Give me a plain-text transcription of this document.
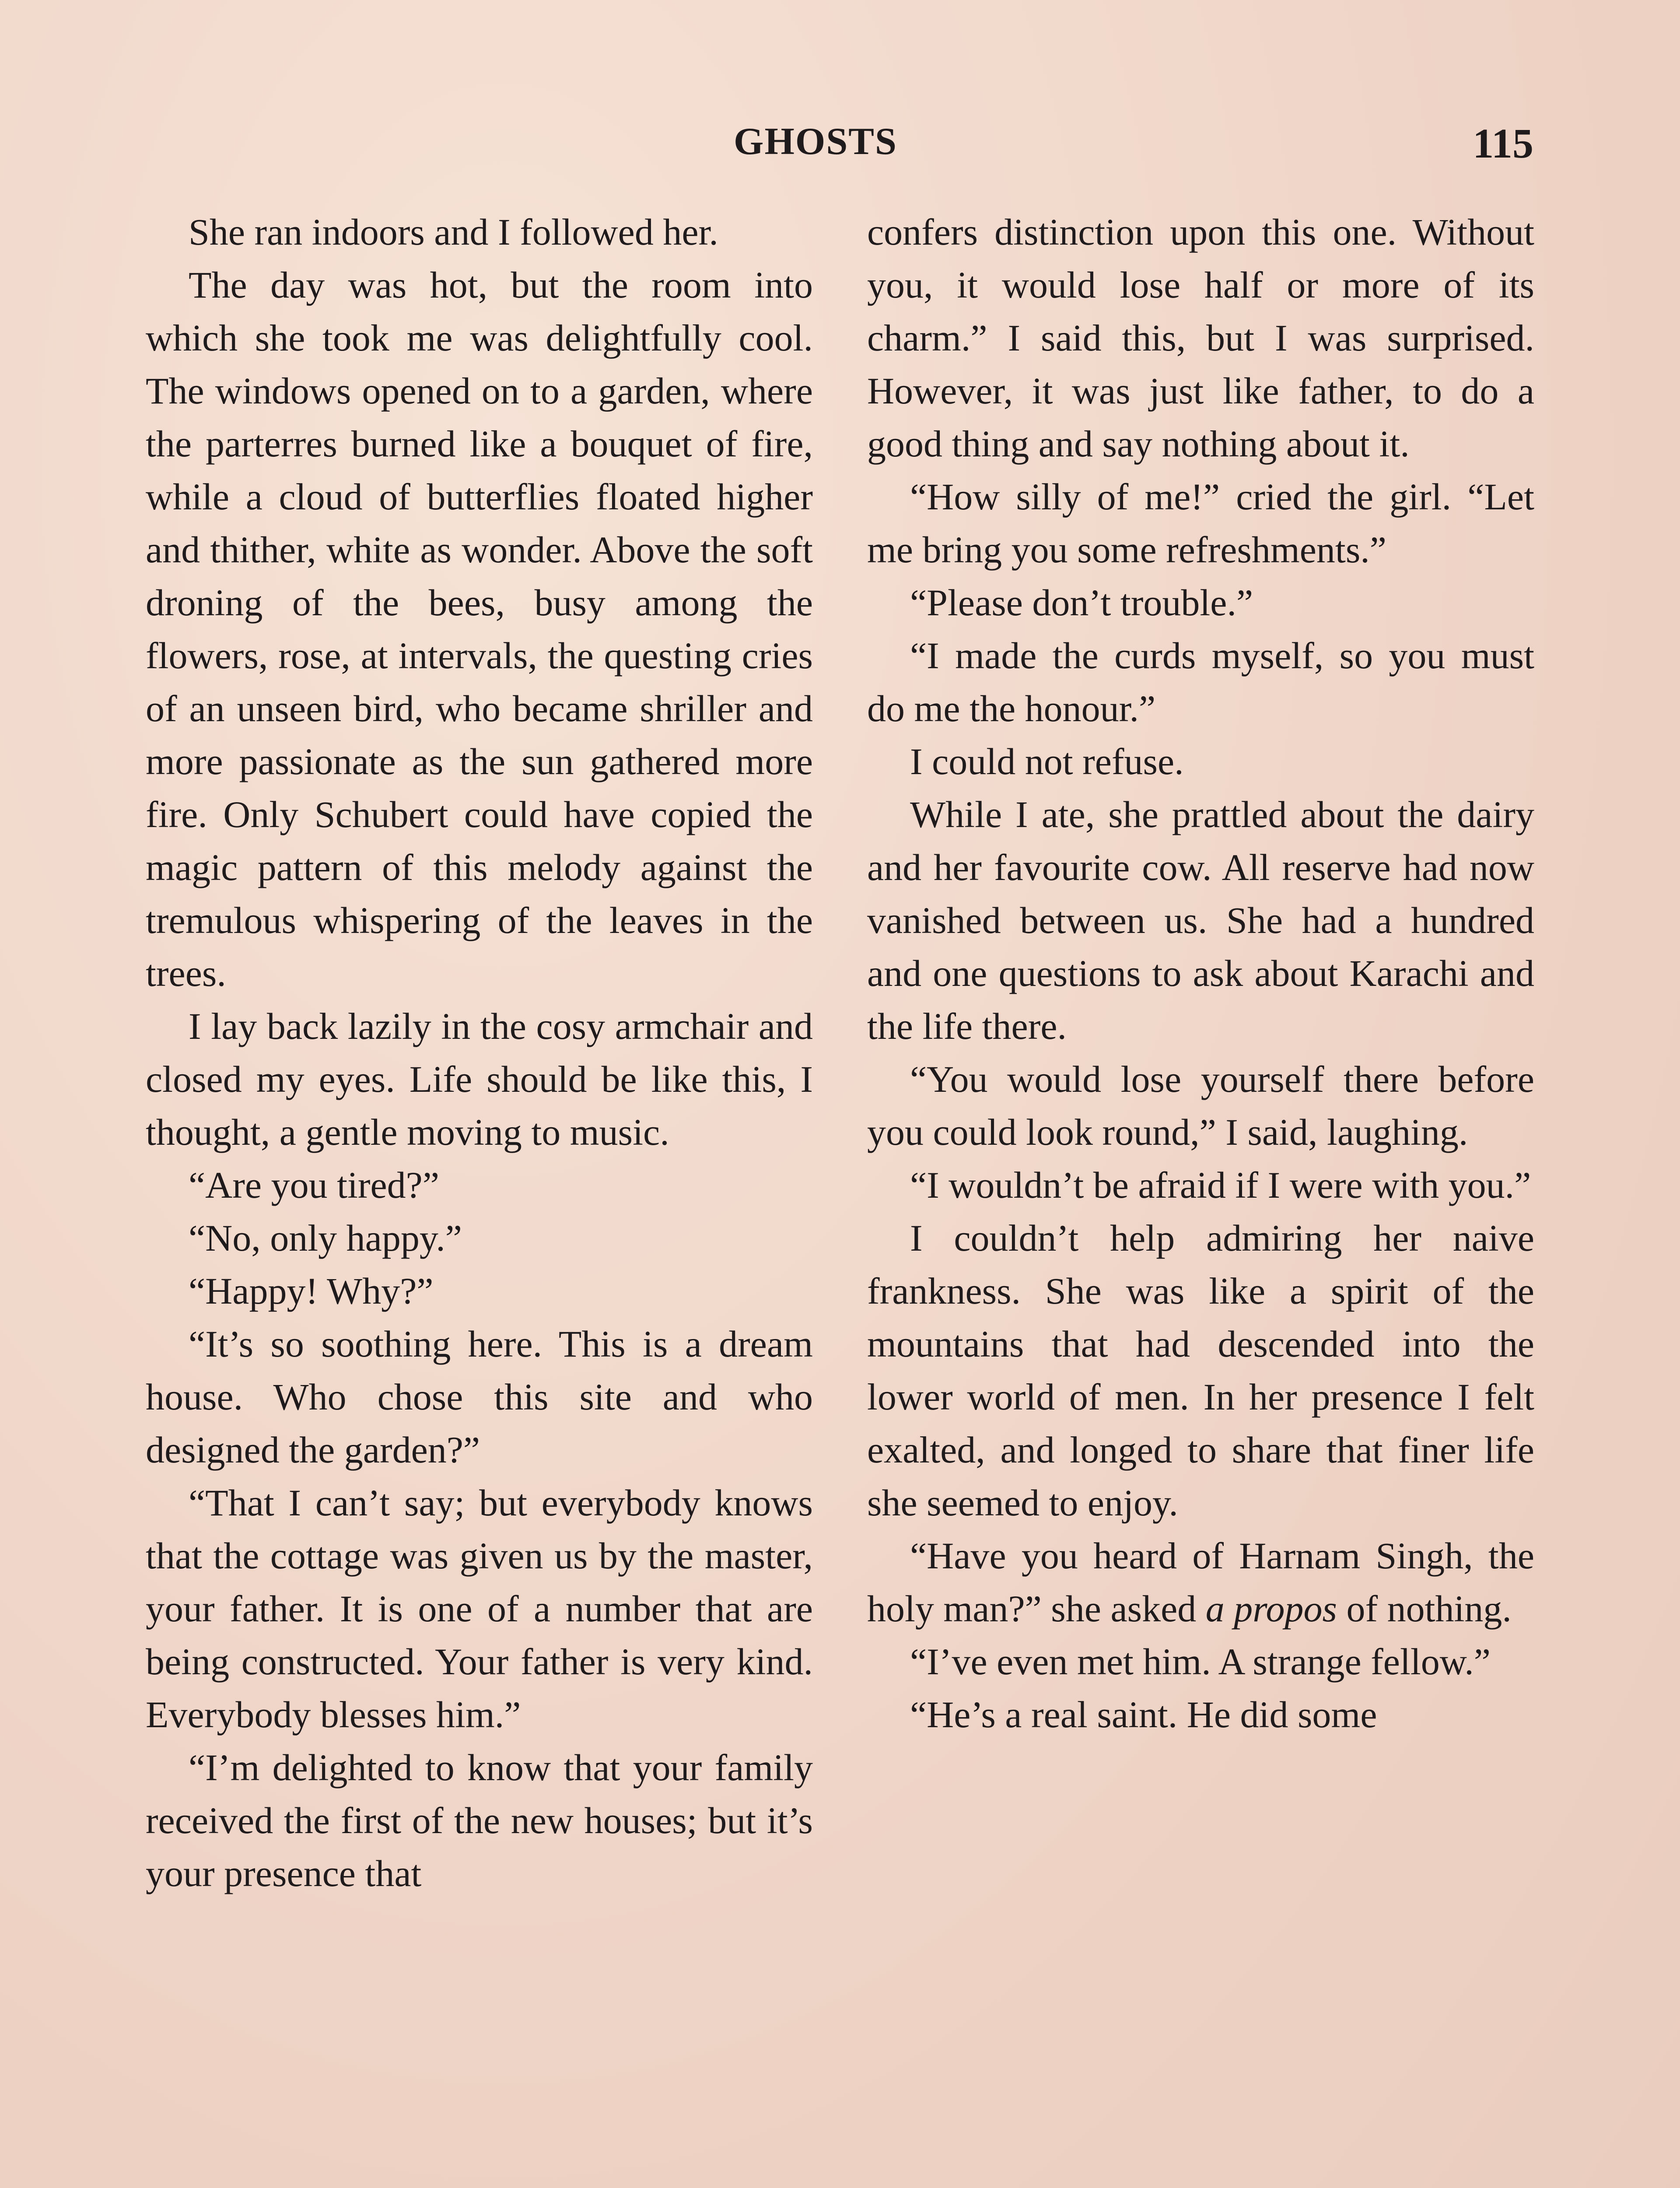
GHOSTS	115

She ran indoors and I followed her.

The day was hot, but the room into which she took me was delightfully cool. The windows opened on to a garden, where the parterres burned like a bouquet of fire, while a cloud of butterflies floated higher and thither, white as wonder. Above the soft droning of the bees, busy among the flowers, rose, at intervals, the questing cries of an unseen bird, who became shriller and more passionate as the sun gathered more fire. Only Schubert could have copied the magic pattern of this melody against the tremulous whispering of the leaves in the trees.

I lay back lazily in the cosy armchair and closed my eyes. Life should be like this, I thought, a gentle moving to music.

“Are you tired?”

“No, only happy.”

“Happy! Why?”

“It’s so soothing here. This is a dream house. Who chose this site and who designed the garden?”

“That I can’t say; but everybody knows that the cottage was given us by the master, your father. It is one of a number that are being constructed. Your father is very kind. Everybody blesses him.”

“I’m delighted to know that your family received the first of the new houses; but it’s your presence that

confers distinction upon this one. Without you, it would lose half or more of its charm.” I said this, but I was surprised. However, it was just like father, to do a good thing and say nothing about it.

“How silly of me!” cried the girl. “Let me bring you some refreshments.”

“Please don’t trouble.”

“I made the curds myself, so you must do me the honour.”

I could not refuse.

While I ate, she prattled about the dairy and her favourite cow. All reserve had now vanished between us. She had a hundred and one questions to ask about Karachi and the life there.

“You would lose yourself there before you could look round,” I said, laughing.

“I wouldn’t be afraid if I were with you.”

I couldn’t help admiring her naive frankness. She was like a spirit of the mountains that had descended into the lower world of men. In her presence I felt exalted, and longed to share that finer life she seemed to enjoy.

“Have you heard of Harnam Singh, the holy man?” she asked a propos of nothing.

“I’ve even met him. A strange fellow.”

“He’s a real saint. He did some
